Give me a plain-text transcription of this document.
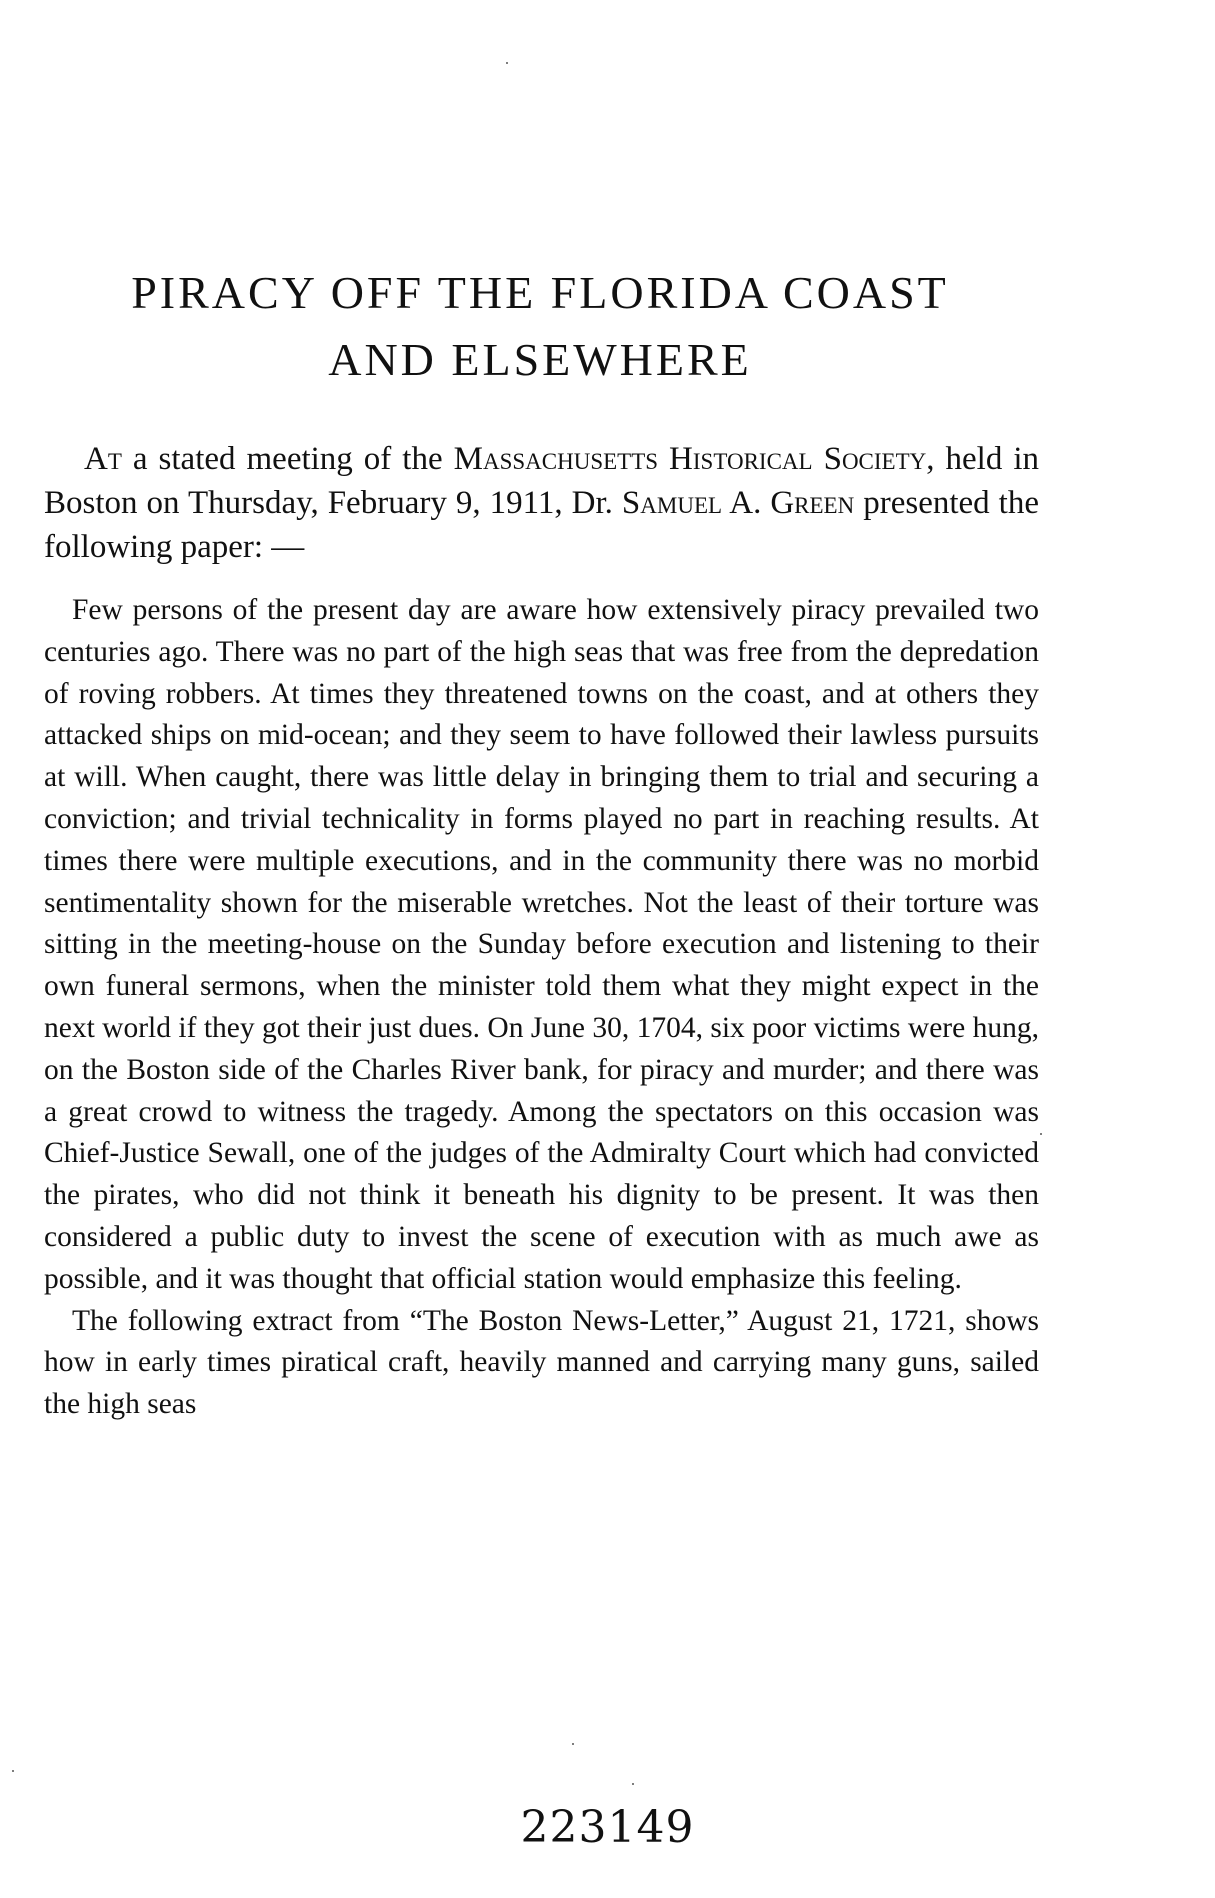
PIRACY OFF THE FLORIDA COAST
AND ELSEWHERE

At a stated meeting of the Massachusetts Historical Society, held in Boston on Thursday, February 9, 1911, Dr. Samuel A. Green presented the following paper: —

Few persons of the present day are aware how extensively piracy prevailed two centuries ago. There was no part of the high seas that was free from the depredation of roving robbers. At times they threatened towns on the coast, and at others they attacked ships on mid-ocean; and they seem to have followed their lawless pursuits at will. When caught, there was little delay in bringing them to trial and securing a conviction; and trivial technicality in forms played no part in reaching results. At times there were multiple executions, and in the community there was no morbid sentimentality shown for the miserable wretches. Not the least of their torture was sitting in the meeting-house on the Sunday before execution and listening to their own funeral sermons, when the minister told them what they might expect in the next world if they got their just dues. On June 30, 1704, six poor victims were hung, on the Boston side of the Charles River bank, for piracy and murder; and there was a great crowd to witness the tragedy. Among the spectators on this occasion was Chief-Justice Sewall, one of the judges of the Admiralty Court which had convicted the pirates, who did not think it beneath his dignity to be present. It was then considered a public duty to invest the scene of execution with as much awe as possible, and it was thought that official station would emphasize this feeling.

The following extract from “The Boston News-Letter,” August 21, 1721, shows how in early times piratical craft, heavily manned and carrying many guns, sailed the high seas

223149
